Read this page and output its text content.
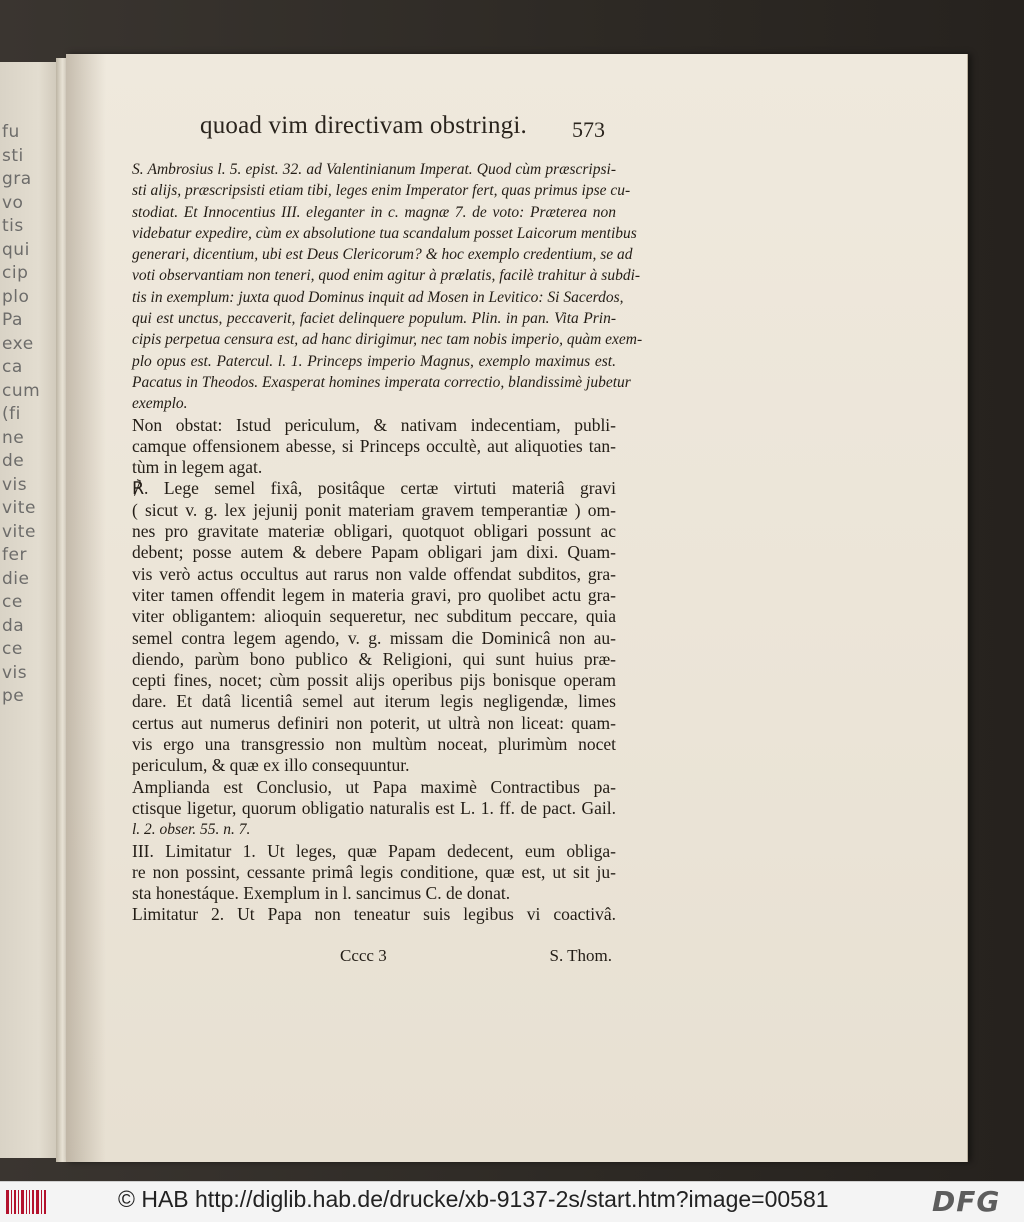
fu
sti
gra
vo
tis
qui
cip
plo
Pa
exe
ca
cum
(fi
ne
de
vis
vite
vite
fer
die
ce
da
ce
vis
pe
quoad vim directivam obstringi.	573
S. Ambrosius l. 5. epist. 32. ad Valentinianum Imperat. Quod cùm præscripsi-
sti alijs, præscripsisti etiam tibi, leges enim Imperator fert, quas primus ipse cu-
stodiat. Et Innocentius III. eleganter in c. magnæ 7. de voto: Præterea non
videbatur expedire, cùm ex absolutione tua scandalum posset Laicorum mentibus
generari, dicentium, ubi est Deus Clericorum? & hoc exemplo credentium, se ad
voti observantiam non teneri, quod enim agitur à prælatis, facilè trahitur à subdi-
tis in exemplum: juxta quod Dominus inquit ad Mosen in Levitico: Si Sacerdos,
qui est unctus, peccaverit, faciet delinquere populum. Plin. in pan. Vita Prin-
cipis perpetua censura est, ad hanc dirigimur, nec tam nobis imperio, quàm exem-
plo opus est. Patercul. l. 1. Princeps imperio Magnus, exemplo maximus est.
Pacatus in Theodos. Exasperat homines imperata correctio, blandissimè jubetur
exemplo.
Non obstat: Istud periculum, & nativam indecentiam, publi-
camque offensionem abesse, si Princeps occultè, aut aliquoties tan-
tùm in legem agat.
℟. Lege semel fixâ, positâque certæ virtuti materiâ gravi
( sicut v. g. lex jejunij ponit materiam gravem temperantiæ ) om-
nes pro gravitate materiæ obligari, quotquot obligari possunt ac
debent; posse autem & debere Papam obligari jam dixi. Quam-
vis verò actus occultus aut rarus non valde offendat subditos, gra-
viter tamen offendit legem in materia gravi, pro quolibet actu gra-
viter obligantem: alioquin sequeretur, nec subditum peccare, quia
semel contra legem agendo, v. g. missam die Dominicâ non au-
diendo, parùm bono publico & Religioni, qui sunt huius præ-
cepti fines, nocet; cùm possit alijs operibus pijs bonisque operam
dare. Et datâ licentiâ semel aut iterum legis negligendæ, limes
certus aut numerus definiri non poterit, ut ultrà non liceat: quam-
vis ergo una transgressio non multùm noceat, plurimùm nocet
periculum, & quæ ex illo consequuntur.
Amplianda est Conclusio, ut Papa maximè Contractibus pa-
ctisque ligetur, quorum obligatio naturalis est L. 1. ff. de pact. Gail.
l. 2. obser. 55. n. 7.
III. Limitatur 1. Ut leges, quæ Papam dedecent, eum obliga-
re non possint, cessante primâ legis conditione, quæ est, ut sit ju-
sta honestáque. Exemplum in l. sancimus C. de donat.
Limitatur 2. Ut Papa non teneatur suis legibus vi coactivâ.
Cccc 3	S. Thom.
© HAB http://diglib.hab.de/drucke/xb-9137-2s/start.htm?image=00581	DFG
